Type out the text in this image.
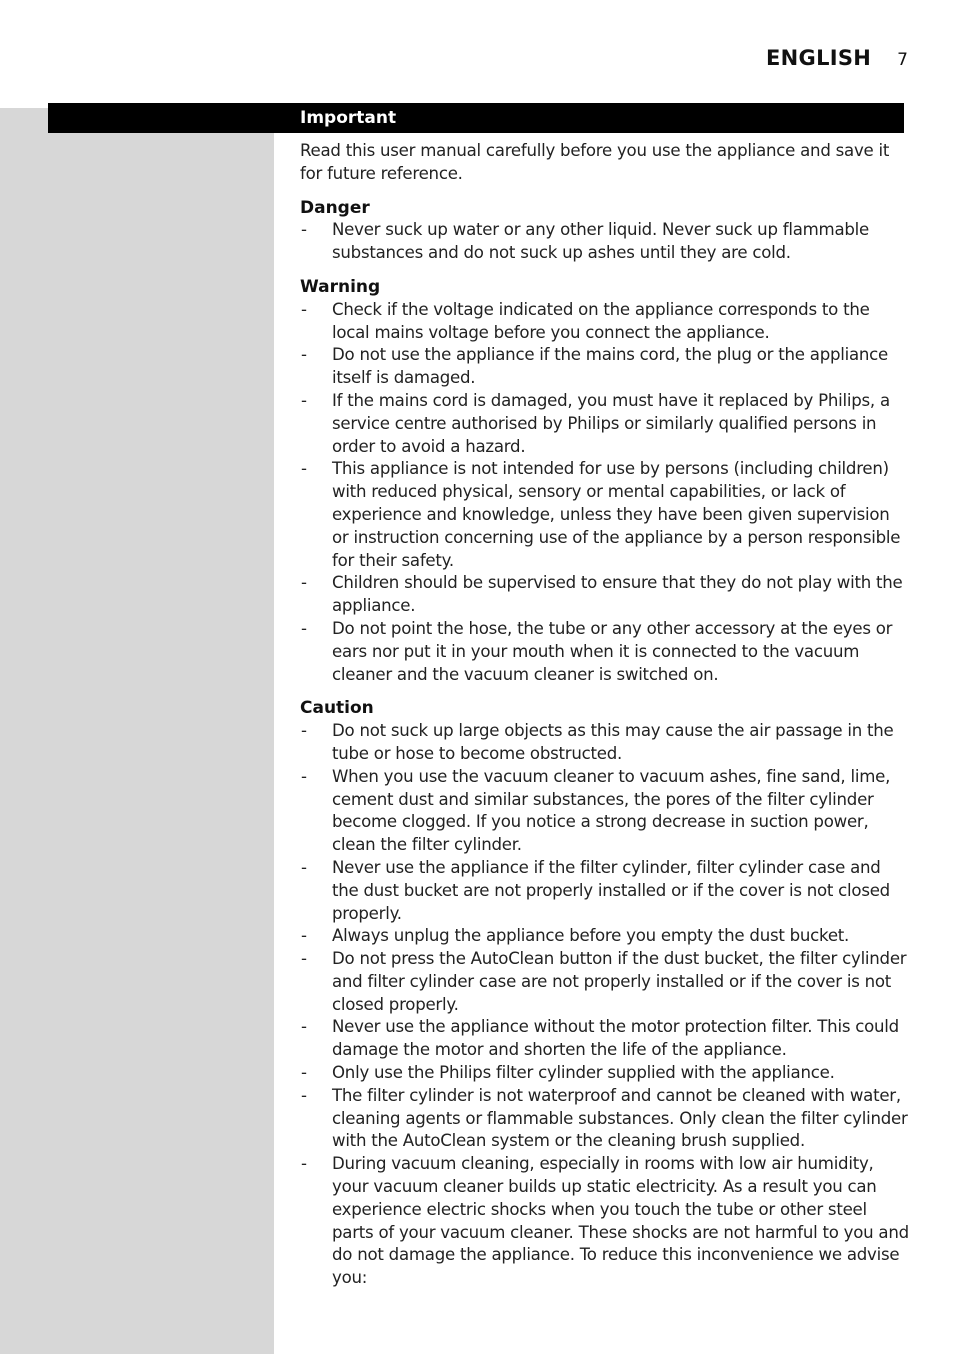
ENGLISH 7
Important

Read this user manual carefully before you use the appliance and save it for future reference.

Danger

- Never suck up water or any other liquid. Never suck up flammable substances and do not suck up ashes until they are cold.

Warning

- Check if the voltage indicated on the appliance corresponds to the local mains voltage before you connect the appliance.
- Do not use the appliance if the mains cord, the plug or the appliance itself is damaged.
- If the mains cord is damaged, you must have it replaced by Philips, a service centre authorised by Philips or similarly qualified persons in order to avoid a hazard.
- This appliance is not intended for use by persons (including children) with reduced physical, sensory or mental capabilities, or lack of experience and knowledge, unless they have been given supervision or instruction concerning use of the appliance by a person responsible for their safety.
- Children should be supervised to ensure that they do not play with the appliance.
- Do not point the hose, the tube or any other accessory at the eyes or ears nor put it in your mouth when it is connected to the vacuum cleaner and the vacuum cleaner is switched on.

Caution

- Do not suck up large objects as this may cause the air passage in the tube or hose to become obstructed.
- When you use the vacuum cleaner to vacuum ashes, fine sand, lime, cement dust and similar substances, the pores of the filter cylinder become clogged. If you notice a strong decrease in suction power, clean the filter cylinder.
- Never use the appliance if the filter cylinder, filter cylinder case and the dust bucket are not properly installed or if the cover is not closed properly.
- Always unplug the appliance before you empty the dust bucket.
- Do not press the AutoClean button if the dust bucket, the filter cylinder and filter cylinder case are not properly installed or if the cover is not closed properly.
- Never use the appliance without the motor protection filter. This could damage the motor and shorten the life of the appliance.
- Only use the Philips filter cylinder supplied with the appliance.
- The filter cylinder is not waterproof and cannot be cleaned with water, cleaning agents or flammable substances. Only clean the filter cylinder with the AutoClean system or the cleaning brush supplied.
- During vacuum cleaning, especially in rooms with low air humidity, your vacuum cleaner builds up static electricity. As a result you can experience electric shocks when you touch the tube or other steel parts of your vacuum cleaner. These shocks are not harmful to you and do not damage the appliance. To reduce this inconvenience we advise you:
